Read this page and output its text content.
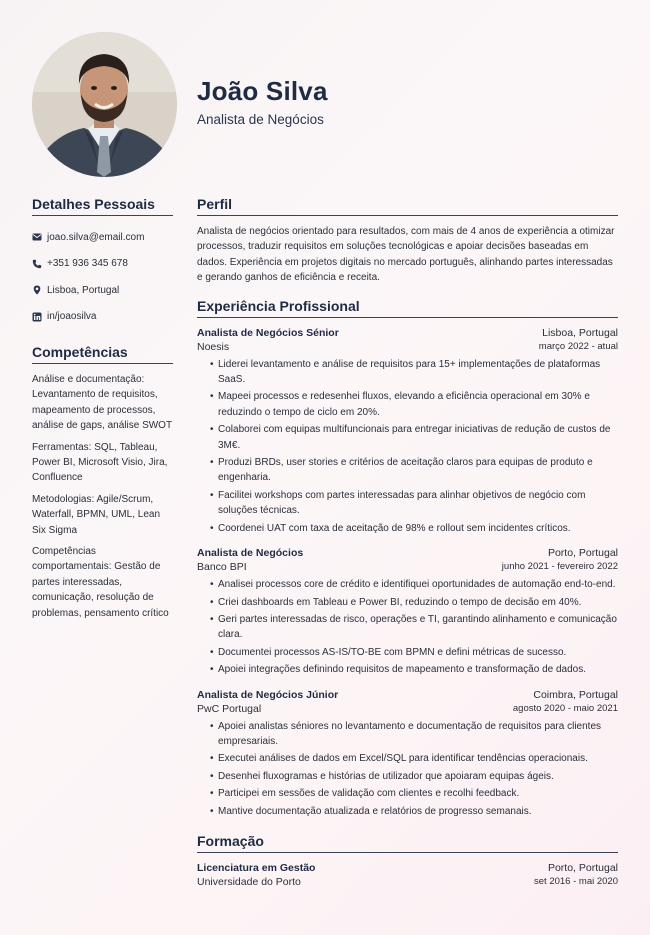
João Silva
Analista de Negócios
Detalhes Pessoais
joao.silva@email.com
+351 936 345 678
Lisboa, Portugal
in/joaosilva
Competências
Análise e documentação: Levantamento de requisitos, mapeamento de processos, análise de gaps, análise SWOT
Ferramentas: SQL, Tableau, Power BI, Microsoft Visio, Jira, Confluence
Metodologias: Agile/Scrum, Waterfall, BPMN, UML, Lean Six Sigma
Competências comportamentais: Gestão de partes interessadas, comunicação, resolução de problemas, pensamento crítico
Perfil

Analista de negócios orientado para resultados, com mais de 4 anos de experiência a otimizar processos, traduzir requisitos em soluções tecnológicas e apoiar decisões baseadas em dados. Experiência em projetos digitais no mercado português, alinhando partes interessadas e gerando ganhos de eficiência e receita.

Experiência Profissional
Analista de Negócios Sénior	Lisboa, Portugal
Noesis	março 2022 - atual
• Liderei levantamento e análise de requisitos para 15+ implementações de plataformas SaaS.
• Mapeei processos e redesenhei fluxos, elevando a eficiência operacional em 30% e reduzindo o tempo de ciclo em 20%.
• Colaborei com equipas multifuncionais para entregar iniciativas de redução de custos de 3M€.
• Produzi BRDs, user stories e critérios de aceitação claros para equipas de produto e engenharia.
• Facilitei workshops com partes interessadas para alinhar objetivos de negócio com soluções técnicas.
• Coordenei UAT com taxa de aceitação de 98% e rollout sem incidentes críticos.
Analista de Negócios	Porto, Portugal
Banco BPI	junho 2021 - fevereiro 2022
• Analisei processos core de crédito e identifiquei oportunidades de automação end-to-end.
• Criei dashboards em Tableau e Power BI, reduzindo o tempo de decisão em 40%.
• Geri partes interessadas de risco, operações e TI, garantindo alinhamento e comunicação clara.
• Documentei processos AS-IS/TO-BE com BPMN e defini métricas de sucesso.
• Apoiei integrações definindo requisitos de mapeamento e transformação de dados.
Analista de Negócios Júnior	Coimbra, Portugal
PwC Portugal	agosto 2020 - maio 2021
• Apoiei analistas séniores no levantamento e documentação de requisitos para clientes empresariais.
• Executei análises de dados em Excel/SQL para identificar tendências operacionais.
• Desenhei fluxogramas e histórias de utilizador que apoiaram equipas ágeis.
• Participei em sessões de validação com clientes e recolhi feedback.
• Mantive documentação atualizada e relatórios de progresso semanais.
Formação
Licenciatura em Gestão	Porto, Portugal
Universidade do Porto	set 2016 - mai 2020
